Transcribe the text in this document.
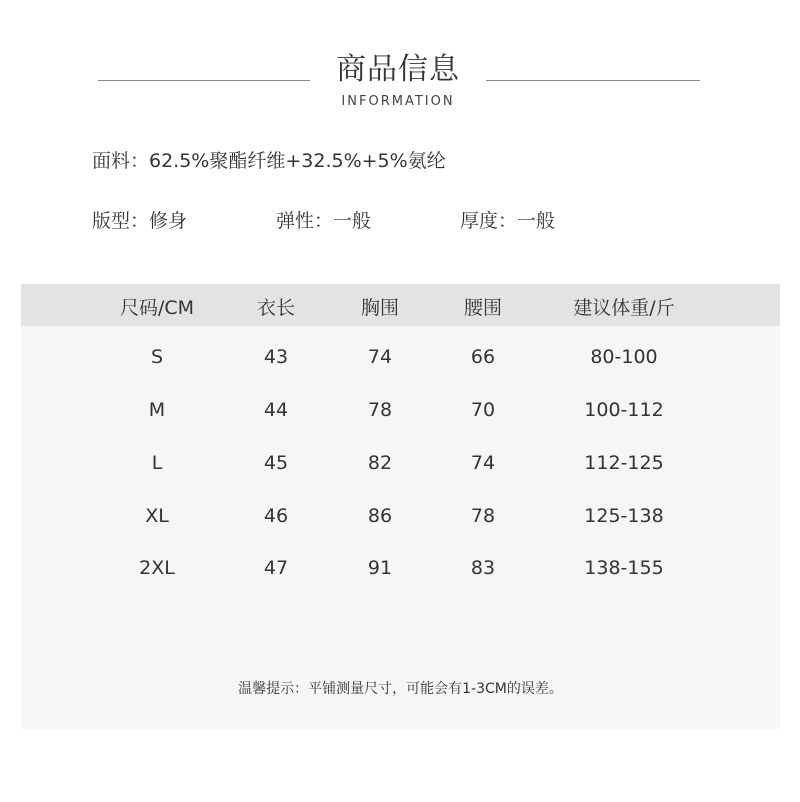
商品信息
INFORMATION
面料：62.5%聚酯纤维+32.5%+5%氨纶
版型：修身	弹性：一般	厚度：一般
尺码/CM	衣长	胸围	腰围	建议体重/斤
S	43	74	66	80-100
M	44	78	70	100-112
L	45	82	74	112-125
XL	46	86	78	125-138
2XL	47	91	83	138-155
温馨提示：平铺测量尺寸，可能会有1-3CM的误差。
